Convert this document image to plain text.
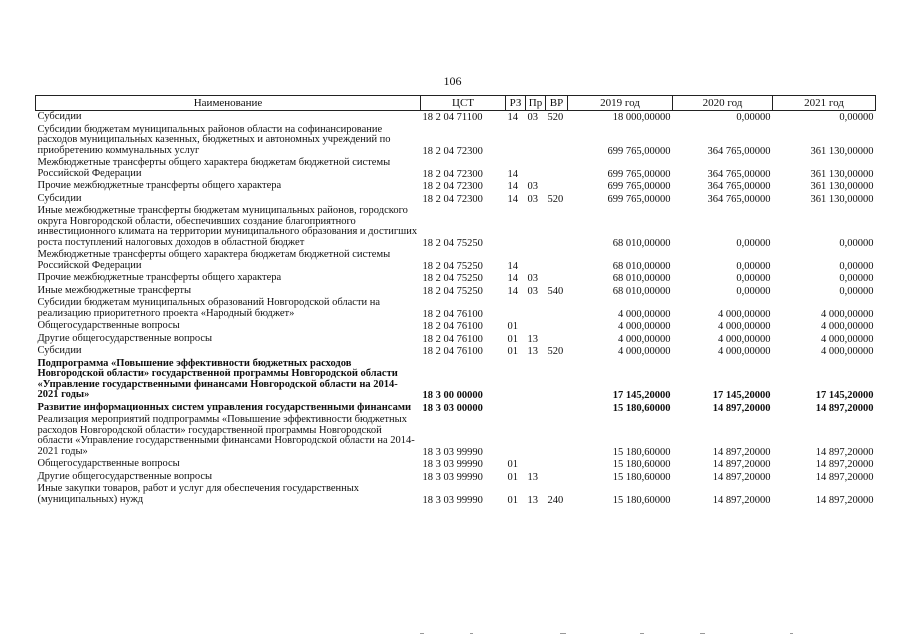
106
Наименование	ЦСТ	РЗ	Пр	ВР	2019 год	2020 год	2021 год
Субсидии	18 2 04 71100	14	03	520	18 000,00000	0,00000	0,00000
Субсидии бюджетам муниципальных районов области на софинансирование расходов муниципальных казенных, бюджетных и автономных учреждений по приобретению коммунальных услуг	18 2 04 72300				699 765,00000	364 765,00000	361 130,00000
Межбюджетные трансферты общего характера бюджетам бюджетной системы Российской Федерации	18 2 04 72300	14			699 765,00000	364 765,00000	361 130,00000
Прочие межбюджетные трансферты общего характера	18 2 04 72300	14	03		699 765,00000	364 765,00000	361 130,00000
Субсидии	18 2 04 72300	14	03	520	699 765,00000	364 765,00000	361 130,00000
Иные межбюджетные трансферты бюджетам муниципальных районов, городского округа Новгородской области, обеспечивших создание благоприятного инвестиционного климата на территории муниципального образования и достигших роста поступлений налоговых доходов в областной бюджет	18 2 04 75250				68 010,00000	0,00000	0,00000
Межбюджетные трансферты общего характера бюджетам бюджетной системы Российской Федерации	18 2 04 75250	14			68 010,00000	0,00000	0,00000
Прочие межбюджетные трансферты общего характера	18 2 04 75250	14	03		68 010,00000	0,00000	0,00000
Иные межбюджетные трансферты	18 2 04 75250	14	03	540	68 010,00000	0,00000	0,00000
Субсидии бюджетам муниципальных образований Новгородской области на реализацию приоритетного проекта «Народный бюджет»	18 2 04 76100				4 000,00000	4 000,00000	4 000,00000
Общегосударственные вопросы	18 2 04 76100	01			4 000,00000	4 000,00000	4 000,00000
Другие общегосударственные вопросы	18 2 04 76100	01	13		4 000,00000	4 000,00000	4 000,00000
Субсидии	18 2 04 76100	01	13	520	4 000,00000	4 000,00000	4 000,00000
Подпрограмма «Повышение эффективности бюджетных расходов Новгородской области» государственной программы Новгородской области «Управление государственными финансами Новгородской области на 2014-2021 годы»	18 3 00 00000				17 145,20000	17 145,20000	17 145,20000
Развитие информационных систем управления государственными финансами	18 3 03 00000				15 180,60000	14 897,20000	14 897,20000
Реализация мероприятий подпрограммы «Повышение эффективности бюджетных расходов Новгородской области» государственной программы Новгородской области «Управление государственными финансами Новгородской области на 2014-2021 годы»	18 3 03 99990				15 180,60000	14 897,20000	14 897,20000
Общегосударственные вопросы	18 3 03 99990	01			15 180,60000	14 897,20000	14 897,20000
Другие общегосударственные вопросы	18 3 03 99990	01	13		15 180,60000	14 897,20000	14 897,20000
Иные закупки товаров, работ и услуг для обеспечения государственных (муниципальных) нужд	18 3 03 99990	01	13	240	15 180,60000	14 897,20000	14 897,20000
